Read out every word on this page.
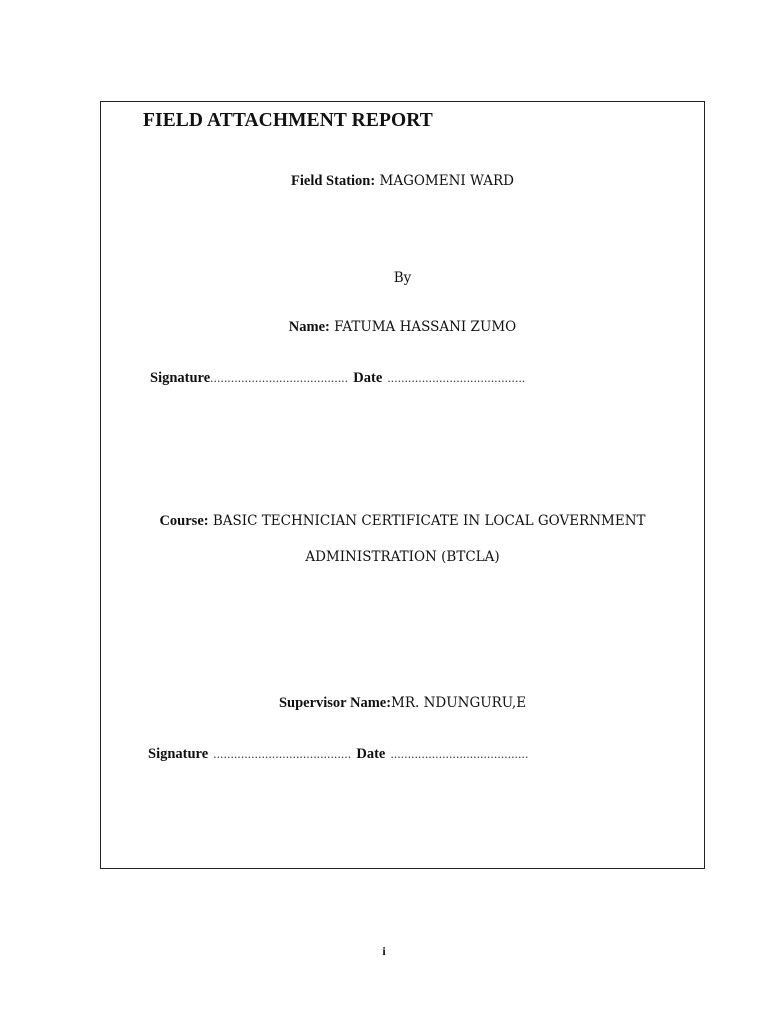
FIELD ATTACHMENT REPORT
Field Station: MAGOMENI WARD
By
Name: FATUMA HASSANI ZUMO
Signature........................................ Date ........................................
Course: BASIC TECHNICIAN CERTIFICATE IN LOCAL GOVERNMENT
ADMINISTRATION (BTCLA)
Supervisor Name:MR. NDUNGURU,E
Signature ........................................ Date ........................................
i
